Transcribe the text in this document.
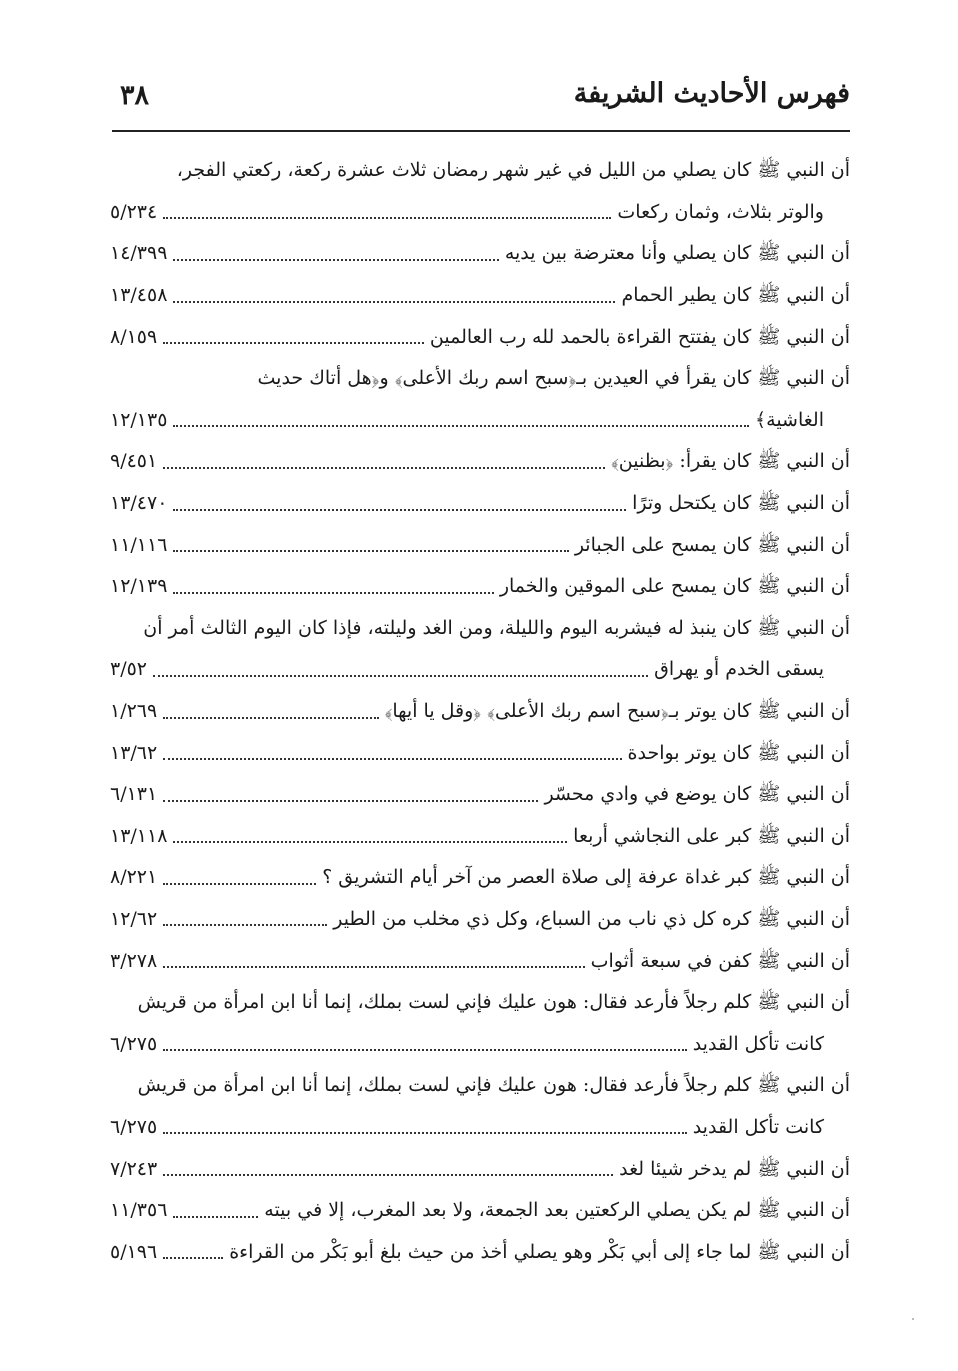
فهرس الأحاديث الشريفة
٣٨
أن النبي ﷺ كان يصلي من الليل في غير شهر رمضان ثلاث عشرة ركعة، ركعتي الفجر،
والوتر بثلاث، وثمان ركعات
٥/٢٣٤
أن النبي ﷺ كان يصلي وأنا معترضة بين يديه
١٤/٣٩٩
أن النبي ﷺ كان يطير الحمام
١٣/٤٥٨
أن النبي ﷺ كان يفتتح القراءة بالحمد لله رب العالمين
٨/١٥٩
أن النبي ﷺ كان يقرأ في العيدين بـ﴿سبح اسم ربك الأعلى﴾ و﴿هل أتاك حديث
الغاشية﴾
١٢/١٣٥
أن النبي ﷺ كان يقرأ: ﴿بظنين﴾
٩/٤٥١
أن النبي ﷺ كان يكتحل وترًا
١٣/٤٧٠
أن النبي ﷺ كان يمسح على الجبائر
١١/١١٦
أن النبي ﷺ كان يمسح على الموقين والخمار
١٢/١٣٩
أن النبي ﷺ كان ينبذ له فيشربه اليوم والليلة، ومن الغد وليلته، فإذا كان اليوم الثالث أمر أن
يسقى الخدم أو يهراق
٣/٥٢
أن النبي ﷺ كان يوتر بـ﴿سبح اسم ربك الأعلى﴾ ﴿وقل يا أيها﴾
١/٢٦٩
أن النبي ﷺ كان يوتر بواحدة
١٣/٦٢
أن النبي ﷺ كان يوضع في وادي محسّر
٦/١٣١
أن النبي ﷺ كبر على النجاشي أربعا
١٣/١١٨
أن النبي ﷺ كبر غداة عرفة إلى صلاة العصر من آخر أيام التشريق ؟
٨/٢٢١
أن النبي ﷺ كره كل ذي ناب من السباع، وكل ذي مخلب من الطير
١٢/٦٢
أن النبي ﷺ كفن في سبعة أثواب
٣/٢٧٨
أن النبي ﷺ كلم رجلاً فأرعد فقال: هون عليك فإني لست بملك، إنما أنا ابن امرأة من قريش
كانت تأكل القديد
٦/٢٧٥
أن النبي ﷺ كلم رجلاً فأرعد فقال: هون عليك فإني لست بملك، إنما أنا ابن امرأة من قريش
كانت تأكل القديد
٦/٢٧٥
أن النبي ﷺ لم يدخر شيئا لغد
٧/٢٤٣
أن النبي ﷺ لم يكن يصلي الركعتين بعد الجمعة، ولا بعد المغرب، إلا في بيته
١١/٣٥٦
أن النبي ﷺ لما جاء إلى أبي بَكْر وهو يصلي أخذ من حيث بلغ أبو بَكْر من القراءة
٥/١٩٦
